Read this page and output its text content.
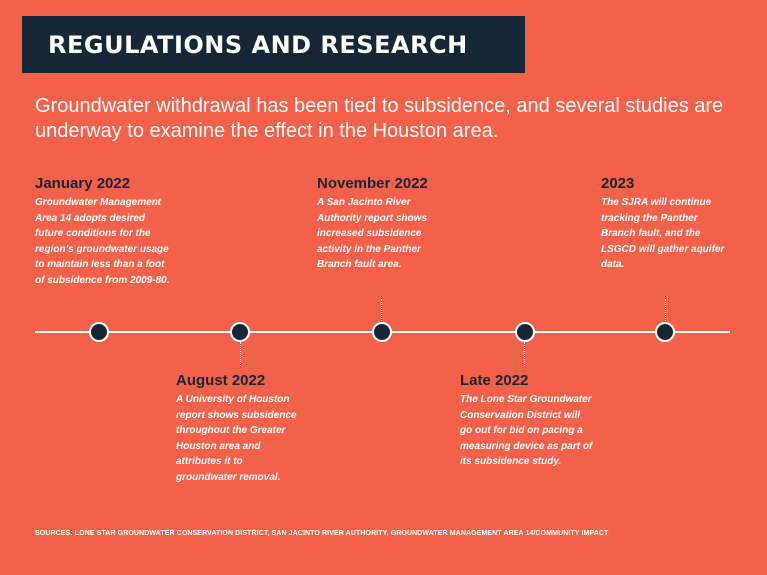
REGULATIONS AND RESEARCH
Groundwater withdrawal has been tied to subsidence, and several studies are underway to examine the effect in the Houston area.
January 2022
Groundwater Management Area 14 adopts desired future conditions for the region’s groundwater usage to maintain less than a foot of subsidence from 2009-80.
November 2022
A San Jacinto River Authority report shows increased subsidence activity in the Panther Branch fault area.
2023
The SJRA will continue tracking the Panther Branch fault, and the LSGCD will gather aquifer data.
August 2022
A University of Houston report shows subsidence throughout the Greater Houston area and attributes it to groundwater removal.
Late 2022
The Lone Star Groundwater Conservation District will go out for bid on pacing a measuring device as part of its subsidence study.
SOURCES: LONE STAR GROUNDWATER CONSERVATION DISTRICT, SAN JACINTO RIVER AUTHORITY, GROUNDWATER MANAGEMENT AREA 14/COMMUNITY IMPACT
